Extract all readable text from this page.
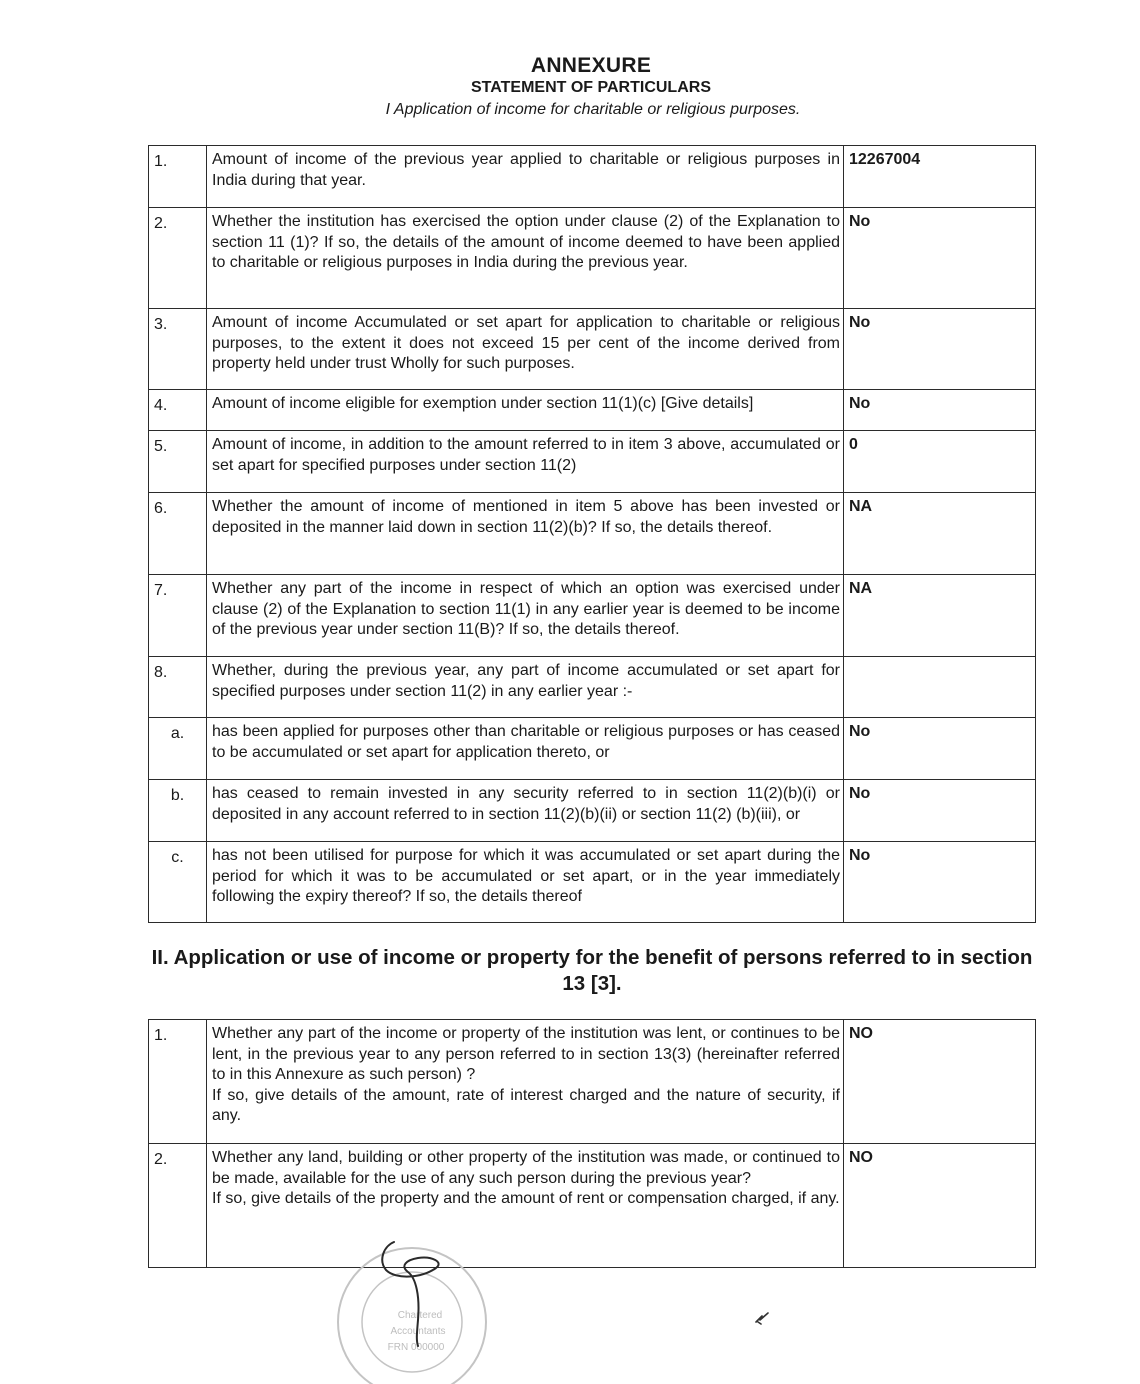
ANNEXURE
STATEMENT OF PARTICULARS
I Application of income for charitable or religious purposes.
1.	Amount of income of the previous year applied to charitable or religious purposes in India during that year.	12267004
2.	Whether the institution has exercised the option under clause (2) of the Explanation to section 11 (1)? If so, the details of the amount of income deemed to have been applied to charitable or religious purposes in India during the previous year.	No
3.	Amount of income Accumulated or set apart for application to charitable or religious purposes, to the extent it does not exceed 15 per cent of the income derived from property held under trust Wholly for such purposes.	No
4.	Amount of income eligible for exemption under section 11(1)(c) [Give details]	No
5.	Amount of income, in addition to the amount referred to in item 3 above, accumulated or set apart for specified purposes under section 11(2)	0
6.	Whether the amount of income of mentioned in item 5 above has been invested or deposited in the manner laid down in section 11(2)(b)? If so, the details thereof.	NA
7.	Whether any part of the income in respect of which an option was exercised under clause (2) of the Explanation to section 11(1) in any earlier year is deemed to be income of the previous year under section 11(B)? If so, the details thereof.	NA
8.	Whether, during the previous year, any part of income accumulated or set apart for specified purposes under section 11(2) in any earlier year :-	
a.	has been applied for purposes other than charitable or religious purposes or has ceased to be accumulated or set apart for application thereto, or	No
b.	has ceased to remain invested in any security referred to in section 11(2)(b)(i) or deposited in any account referred to in section 11(2)(b)(ii) or section 11(2) (b)(iii), or	No
c.	has not been utilised for purpose for which it was accumulated or set apart during the period for which it was to be accumulated or set apart, or in the year immediately following the expiry thereof? If so, the details thereof	No
II. Application or use of income or property for the benefit of persons referred to in section 13 [3].
1.	Whether any part of the income or property of the institution was lent, or continues to be lent, in the previous year to any person referred to in section 13(3) (hereinafter referred to in this Annexure as such person) ?
If so, give details of the amount, rate of interest charged and the nature of security, if any.	NO
2.	Whether any land, building or other property of the institution was made, or continued to be made, available for the use of any such person during the previous year?
If so, give details of the property and the amount of rent or compensation charged, if any.	NO
Chartered
Accountants
FRN 000000
